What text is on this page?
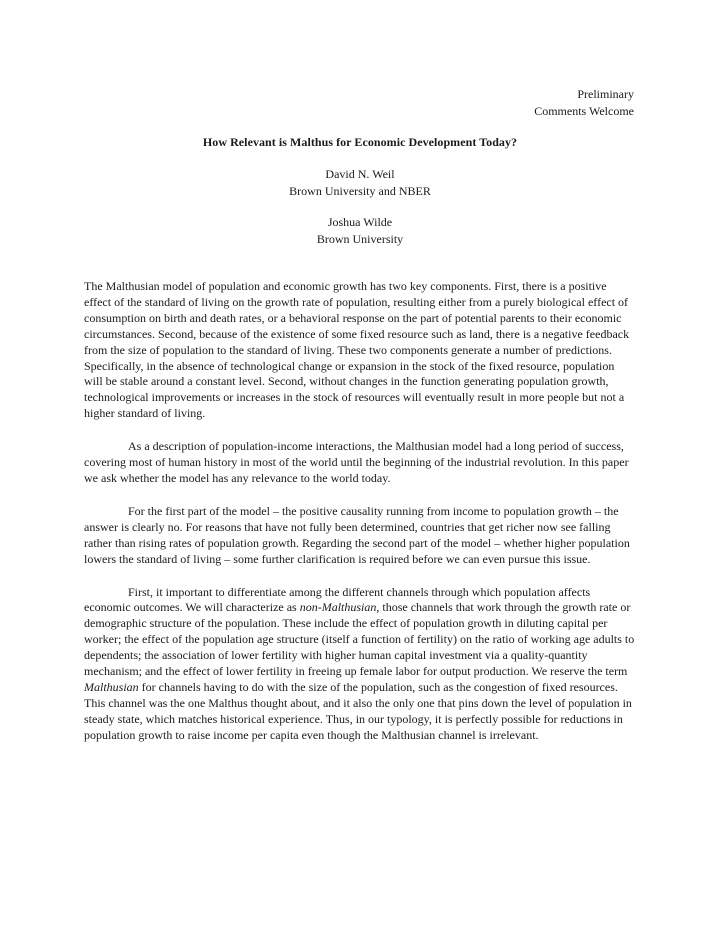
Preliminary
Comments Welcome
How Relevant is Malthus for Economic Development Today?
David N. Weil
Brown University and NBER
Joshua Wilde
Brown University

The Malthusian model of population and economic growth has two key components. First, there is a positive effect of the standard of living on the growth rate of population, resulting either from a purely biological effect of consumption on birth and death rates, or a behavioral response on the part of potential parents to their economic circumstances. Second, because of the existence of some fixed resource such as land, there is a negative feedback from the size of population to the standard of living. These two components generate a number of predictions. Specifically, in the absence of technological change or expansion in the stock of the fixed resource, population will be stable around a constant level. Second, without changes in the function generating population growth, technological improvements or increases in the stock of resources will eventually result in more people but not a higher standard of living.

As a description of population-income interactions, the Malthusian model had a long period of success, covering most of human history in most of the world until the beginning of the industrial revolution. In this paper we ask whether the model has any relevance to the world today.

For the first part of the model – the positive causality running from income to population growth – the answer is clearly no. For reasons that have not fully been determined, countries that get richer now see falling rather than rising rates of population growth. Regarding the second part of the model – whether higher population lowers the standard of living – some further clarification is required before we can even pursue this issue.

First, it important to differentiate among the different channels through which population affects economic outcomes. We will characterize as non-Malthusian, those channels that work through the growth rate or demographic structure of the population. These include the effect of population growth in diluting capital per worker; the effect of the population age structure (itself a function of fertility) on the ratio of working age adults to dependents; the association of lower fertility with higher human capital investment via a quality-quantity mechanism; and the effect of lower fertility in freeing up female labor for output production. We reserve the term Malthusian for channels having to do with the size of the population, such as the congestion of fixed resources. This channel was the one Malthus thought about, and it also the only one that pins down the level of population in steady state, which matches historical experience. Thus, in our typology, it is perfectly possible for reductions in population growth to raise income per capita even though the Malthusian channel is irrelevant.
